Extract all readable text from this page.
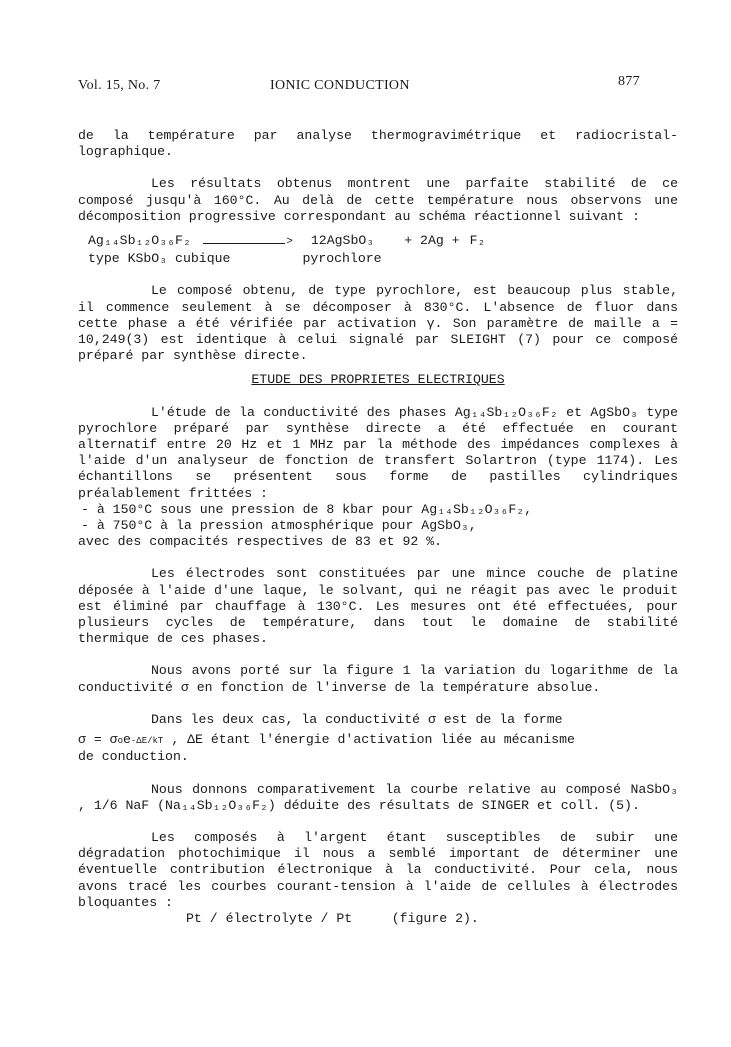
Vol. 15, No. 7	IONIC CONDUCTION	877

de la température par analyse thermogravimétrique et radiocristal-lographique.

Les résultats obtenus montrent une parfaite stabilité de ce composé jusqu'à 160°C. Au delà de cette température nous observons une décomposition progressive correspondant au schéma réactionnel suivant :

Ag₁₄Sb₁₂O₃₆F₂ >	12AgSbO₃ + 2Ag + F₂
type KSbO₃ cubique	pyrochlore

Le composé obtenu, de type pyrochlore, est beaucoup plus stable, il commence seulement à se décomposer à 830°C. L'absence de fluor dans cette phase a été vérifiée par activation γ. Son paramètre de maille a = 10,249(3) est identique à celui signalé par SLEIGHT (7) pour ce composé préparé par synthèse directe.

ETUDE DES PROPRIETES ELECTRIQUES

L'étude de la conductivité des phases Ag₁₄Sb₁₂O₃₆F₂ et AgSbO₃ type pyrochlore préparé par synthèse directe a été effectuée en courant alternatif entre 20 Hz et 1 MHz par la méthode des impédances complexes à l'aide d'un analyseur de fonction de transfert Solartron (type 1174). Les échantillons se présentent sous forme de pastilles cylindriques préalablement frittées :

- à 150°C sous une pression de 8 kbar pour Ag₁₄Sb₁₂O₃₆F₂,

- à 750°C à la pression atmosphérique pour AgSbO₃,

avec des compacités respectives de 83 et 92 %.

Les électrodes sont constituées par une mince couche de platine déposée à l'aide d'une laque, le solvant, qui ne réagit pas avec le produit est éliminé par chauffage à 130°C. Les mesures ont été effectuées, pour plusieurs cycles de température, dans tout le domaine de stabilité thermique de ces phases.

Nous avons porté sur la figure 1 la variation du logarithme de la conductivité σ en fonction de l'inverse de la température absolue.

Dans les deux cas, la conductivité σ est de la forme

σ = σ o e -ΔE/kT , ΔE étant l'énergie d'activation liée au mécanisme

de conduction.

Nous donnons comparativement la courbe relative au composé NaSbO₃ , 1/6 NaF (Na₁₄Sb₁₂O₃₆F₂) déduite des résultats de SINGER et coll. (5).

Les composés à l'argent étant susceptibles de subir une dégradation photochimique il nous a semblé important de déterminer une éventuelle contribution électronique à la conductivité. Pour cela, nous avons tracé les courbes courant-tension à l'aide de cellules à électrodes bloquantes :

Pt / électrolyte / Pt     (figure 2).
